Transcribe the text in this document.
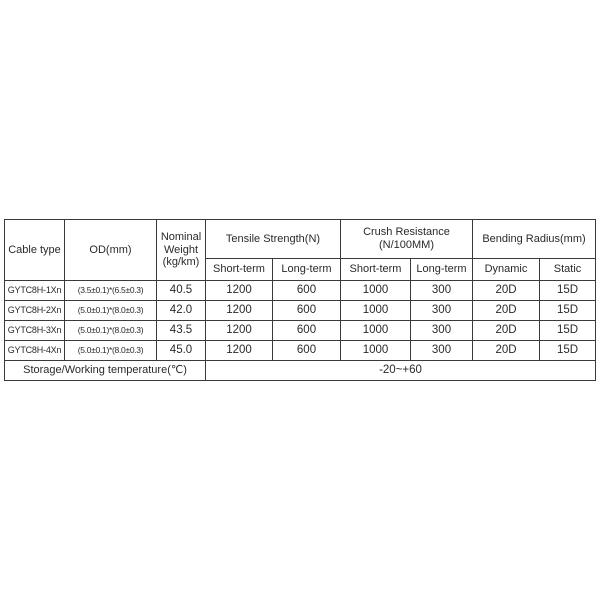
Cable type	OD(mm)	Nominal Weight (kg/km)	Tensile Strength(N)		Crush Resistance (N/100MM)		Bending Radius(mm)	
			Short-term	Long-term	Short-term	Long-term	Dynamic	Static
GYTC8H-1Xn	(3.5±0.1)*(6.5±0.3)	40.5	1200	600	1000	300	20D	15D
GYTC8H-2Xn	(5.0±0.1)*(8.0±0.3)	42.0	1200	600	1000	300	20D	15D
GYTC8H-3Xn	(5.0±0.1)*(8.0±0.3)	43.5	1200	600	1000	300	20D	15D
GYTC8H-4Xn	(5.0±0.1)*(8.0±0.3)	45.0	1200	600	1000	300	20D	15D
Storage/Working temperature(℃)			-20~+60					
